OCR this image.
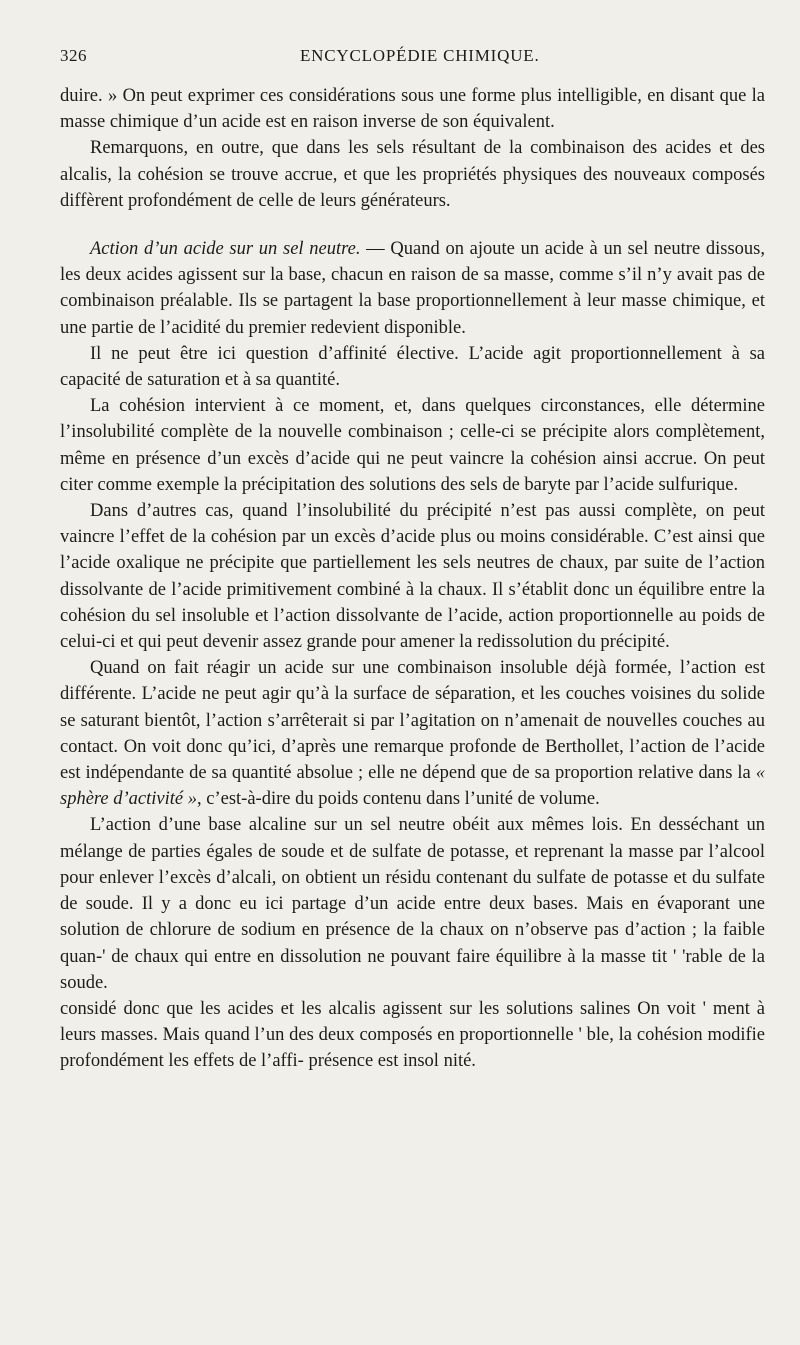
326	ENCYCLOPÉDIE CHIMIQUE.

duire. » On peut exprimer ces considérations sous une forme plus intelligible, en disant que la masse chimique d’un acide est en raison inverse de son équivalent.

Remarquons, en outre, que dans les sels résultant de la combinaison des acides et des alcalis, la cohésion se trouve accrue, et que les propriétés physiques des nouveaux composés diffèrent profondément de celle de leurs générateurs.

Action d’un acide sur un sel neutre. — Quand on ajoute un acide à un sel neutre dissous, les deux acides agissent sur la base, chacun en raison de sa masse, comme s’il n’y avait pas de combinaison préalable. Ils se partagent la base proportionnellement à leur masse chimique, et une partie de l’acidité du premier redevient disponible.

Il ne peut être ici question d’affinité élective. L’acide agit proportionnellement à sa capacité de saturation et à sa quantité.

La cohésion intervient à ce moment, et, dans quelques circonstances, elle détermine l’insolubilité complète de la nouvelle combinaison ; celle-ci se précipite alors complètement, même en présence d’un excès d’acide qui ne peut vaincre la cohésion ainsi accrue. On peut citer comme exemple la précipitation des solutions des sels de baryte par l’acide sulfurique.

Dans d’autres cas, quand l’insolubilité du précipité n’est pas aussi complète, on peut vaincre l’effet de la cohésion par un excès d’acide plus ou moins considérable. C’est ainsi que l’acide oxalique ne précipite que partiellement les sels neutres de chaux, par suite de l’action dissolvante de l’acide primitivement combiné à la chaux. Il s’établit donc un équilibre entre la cohésion du sel insoluble et l’action dissolvante de l’acide, action proportionnelle au poids de celui-ci et qui peut devenir assez grande pour amener la redissolution du précipité.

Quand on fait réagir un acide sur une combinaison insoluble déjà formée, l’action est différente. L’acide ne peut agir qu’à la surface de séparation, et les couches voisines du solide se saturant bientôt, l’action s’arrêterait si par l’agitation on n’amenait de nouvelles couches au contact. On voit donc qu’ici, d’après une remarque profonde de Berthollet, l’action de l’acide est indépendante de sa quantité absolue ; elle ne dépend que de sa proportion relative dans la « sphère d’activité », c’est-à-dire du poids contenu dans l’unité de volume.

L’action d’une base alcaline sur un sel neutre obéit aux mêmes lois. En desséchant un mélange de parties égales de soude et de sulfate de potasse, et reprenant la masse par l’alcool pour enlever l’excès d’alcali, on obtient un résidu contenant du sulfate de potasse et du sulfate de soude. Il y a donc eu ici partage d’un acide entre deux bases. Mais en évaporant une solution de chlorure de sodium en présence de la chaux on n’observe pas d’action ; la faible quan-' de chaux qui entre en dissolution ne pouvant faire équilibre à la masse tit ' 'rable de la soude.

considé donc que les acides et les alcalis agissent sur les solutions salines On voit ' ment à leurs masses. Mais quand l’un des deux composés en proportionnelle ' ble, la cohésion modifie profondément les effets de l’affi- présence est insol nité.
